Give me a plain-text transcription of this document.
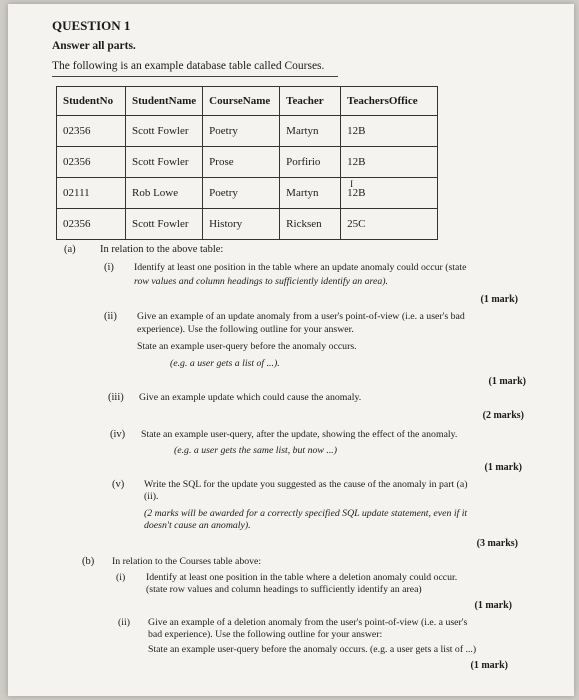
QUESTION 1
Answer all parts.
The following is an example database table called Courses.
StudentNo	StudentName	CourseName	Teacher	TeachersOffice
02356	Scott Fowler	Poetry	Martyn	12B
02356	Scott Fowler	Prose	Porfirio	12B
02111	Rob Lowe	Poetry	Martyn	12B
I

02356	Scott Fowler	History	Ricksen	25C
(a) In relation to the above table:
(i) Identify at least one position in the table where an update anomaly could occur (state
row values and column headings to sufficiently identify an area).
(1 mark)
(ii) Give an example of an update anomaly from a user's point-of-view (i.e. a user's bad
experience). Use the following outline for your answer.
State an example user-query before the anomaly occurs.
(e.g. a user gets a list of ...).
(1 mark)
(iii) Give an example update which could cause the anomaly.
(2 marks)
(iv) State an example user-query, after the update, showing the effect of the anomaly.
(e.g. a user gets the same list, but now ...)
(1 mark)
(v) Write the SQL for the update you suggested as the cause of the anomaly in part (a)
(ii).
(2 marks will be awarded for a correctly specified SQL update statement, even if it
doesn't cause an anomaly).
(3 marks)
(b) In relation to the Courses table above:
(i) Identify at least one position in the table where a deletion anomaly could occur.
(state row values and column headings to sufficiently identify an area)
(1 mark)
(ii) Give an example of a deletion anomaly from the user's point-of-view (i.e. a user's
bad experience). Use the following outline for your answer:
State an example user-query before the anomaly occurs. (e.g. a user gets a list of ...)
(1 mark)
